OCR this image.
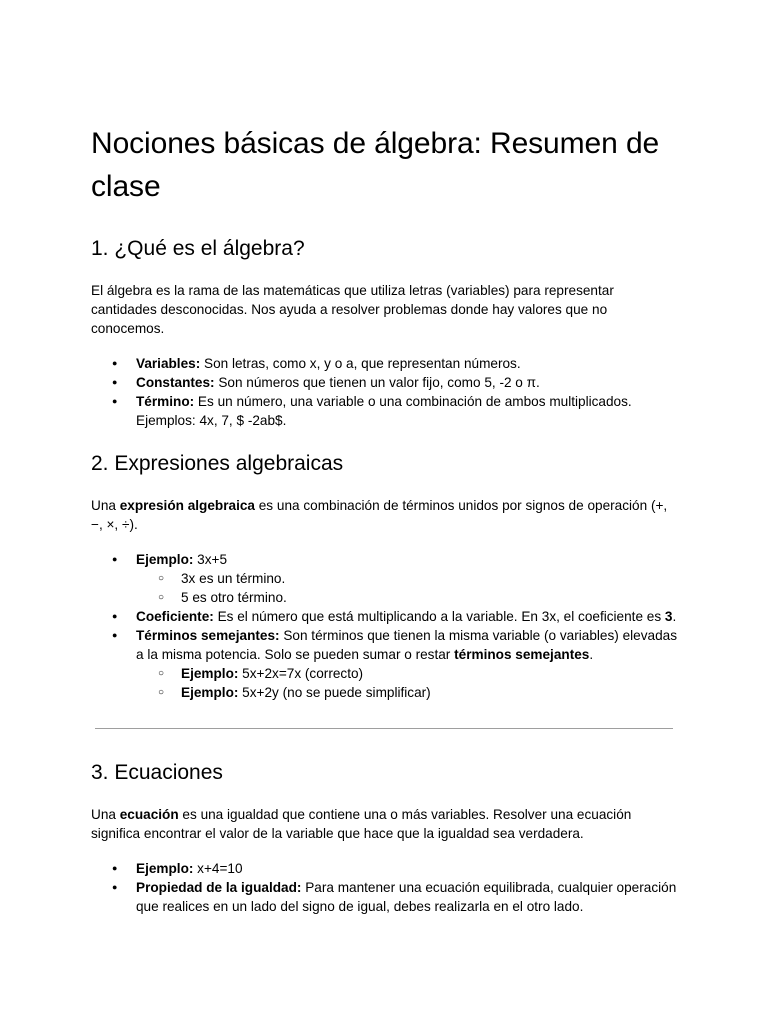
Nociones básicas de álgebra: Resumen de clase
1. ¿Qué es el álgebra?

El álgebra es la rama de las matemáticas que utiliza letras (variables) para representar cantidades desconocidas. Nos ayuda a resolver problemas donde hay valores que no conocemos.

● Variables: Son letras, como x, y o a, que representan números.
● Constantes: Son números que tienen un valor fijo, como 5, -2 o π.
● Término: Es un número, una variable o una combinación de ambos multiplicados. Ejemplos: 4x, 7, $ -2ab$.
2. Expresiones algebraicas

Una expresión algebraica es una combinación de términos unidos por signos de operación (+, −, ×, ÷).

● Ejemplo: 3x+5
○ 3x es un término.
○ 5 es otro término.
● Coeficiente: Es el número que está multiplicando a la variable. En 3x, el coeficiente es 3.
● Términos semejantes: Son términos que tienen la misma variable (o variables) elevadas a la misma potencia. Solo se pueden sumar o restar términos semejantes.
○ Ejemplo: 5x+2x=7x (correcto)
○ Ejemplo: 5x+2y (no se puede simplificar)
3. Ecuaciones

Una ecuación es una igualdad que contiene una o más variables. Resolver una ecuación significa encontrar el valor de la variable que hace que la igualdad sea verdadera.

● Ejemplo: x+4=10
● Propiedad de la igualdad: Para mantener una ecuación equilibrada, cualquier operación que realices en un lado del signo de igual, debes realizarla en el otro lado.
